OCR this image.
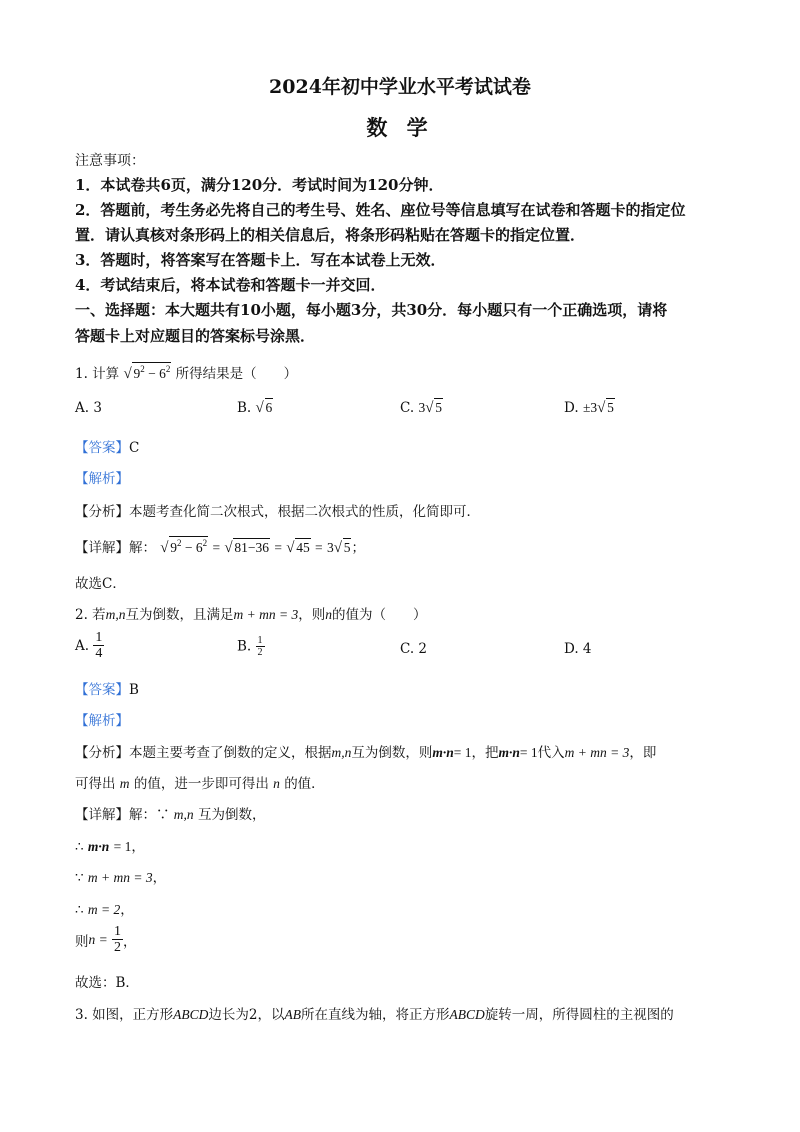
2024年初中学业水平考试试卷
数 学
注意事项：
1．本试卷共6页，满分120分．考试时间为120分钟．
2．答题前，考生务必先将自己的考生号、姓名、座位号等信息填写在试卷和答题卡的指定位
置．请认真核对条形码上的相关信息后，将条形码粘贴在答题卡的指定位置．
3．答题时，将答案写在答题卡上．写在本试卷上无效．
4．考试结束后，将本试卷和答题卡一并交回．
一、选择题：本大题共有10小题，每小题3分，共30分．每小题只有一个正确选项，请将
答题卡上对应题目的答案标号涂黑．
1. 计算 √ $9^2 - 6^2$ 所得结果是（　　）
A. 3	B. √ 6	C. 3 √ 5	D. ±3 √ 5
【答案】C
【解析】
【分析】本题考查化简二次根式，根据二次根式的性质，化简即可．
【详解】解： √ $9^2 - 6^2$ = √ 81−36 = √ 45 = 3 √ 5；
故选C．
2. 若m,n互为倒数，且满足m + mn = 3，则n的值为（　　）
A. $\frac{1}{4}$	B. $\frac{1}{2}$	C. 2	D. 4
【答案】B
【解析】
【分析】本题主要考查了倒数的定义，根据m,n互为倒数，则m·n= 1，把m·n= 1代入m + mn = 3，即
可得出 m 的值，进一步即可得出 n 的值．
【详解】解：∵ m,n 互为倒数，
∴ m·n = 1，
∵ m + mn = 3，
∴ m = 2，
则$n = \frac{1}{2}$ ，
故选：B．
3. 如图，正方形ABCD边长为2，以AB所在直线为轴，将正方形ABCD旋转一周，所得圆柱的主视图的
